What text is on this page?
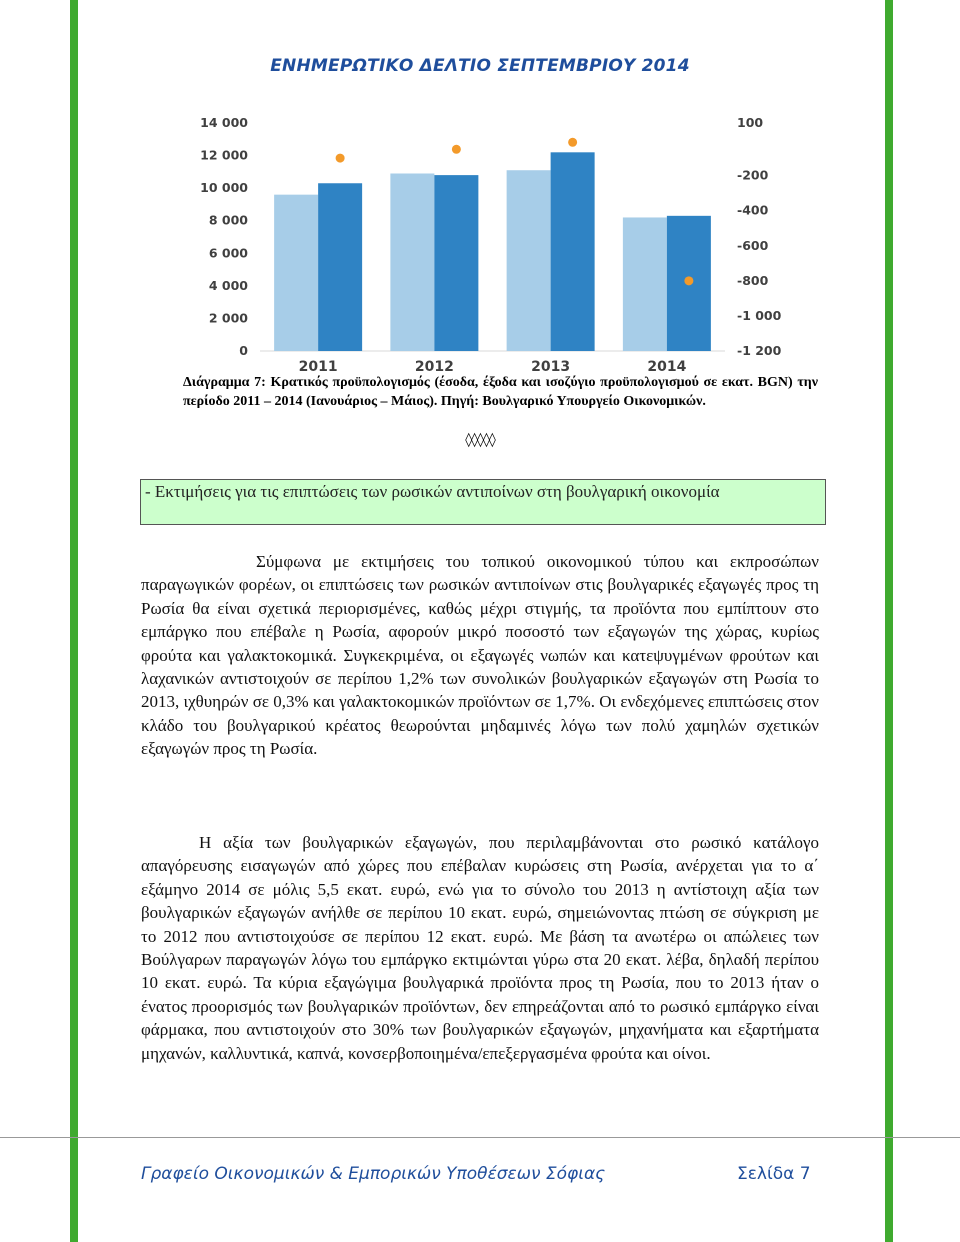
ΕΝΗΜΕΡΩΤΙΚΟ ΔΕΛΤΙΟ ΣΕΠΤΕΜΒΡΙΟΥ 2014
14 000
12 000
10 000
8 000
6 000
4 000
2 000
0
100
-200
-400
-600
-800
-1 000
-1 200
2011	2012	2013	2014
Διάγραμμα 7: Κρατικός προϋπολογισμός (έσοδα, έξοδα και ισοζύγιο προϋπολογισμού σε εκατ. BGN) την περίοδο 2011 – 2014 (Ιανουάριος – Μάιος). Πηγή: Βουλγαρικό Υπουργείο Οικονομικών.
◊◊◊◊◊
- Εκτιμήσεις για τις επιπτώσεις των ρωσικών αντιποίνων στη βουλγαρική οικονομία

Σύμφωνα με εκτιμήσεις του τοπικού οικονομικού τύπου και εκπροσώπων παραγωγικών φορέων, οι επιπτώσεις των ρωσικών αντιποίνων στις βουλγαρικές εξαγωγές προς τη Ρωσία θα είναι σχετικά περιορισμένες, καθώς μέχρι στιγμής, τα προϊόντα που εμπίπτουν στο εμπάργκο που επέβαλε η Ρωσία, αφορούν μικρό ποσοστό των εξαγωγών της χώρας, κυρίως φρούτα και γαλακτοκομικά. Συγκεκριμένα, οι εξαγωγές νωπών και κατεψυγμένων φρούτων και λαχανικών αντιστοιχούν σε περίπου 1,2% των συνολικών βουλγαρικών εξαγωγών στη Ρωσία το 2013, ιχθυηρών σε 0,3% και γαλακτοκομικών προϊόντων σε 1,7%. Οι ενδεχόμενες επιπτώσεις στον κλάδο του βουλγαρικού κρέατος θεωρούνται μηδαμινές λόγω των πολύ χαμηλών σχετικών εξαγωγών προς τη Ρωσία.

Η αξία των βουλγαρικών εξαγωγών, που περιλαμβάνονται στο ρωσικό κατάλογο απαγόρευσης εισαγωγών από χώρες που επέβαλαν κυρώσεις στη Ρωσία, ανέρχεται για το α΄ εξάμηνο 2014 σε μόλις 5,5 εκατ. ευρώ, ενώ για το σύνολο του 2013 η αντίστοιχη αξία των βουλγαρικών εξαγωγών ανήλθε σε περίπου 10 εκατ. ευρώ, σημειώνοντας πτώση σε σύγκριση με το 2012 που αντιστοιχούσε σε περίπου 12 εκατ. ευρώ. Με βάση τα ανωτέρω οι απώλειες των Βούλγαρων παραγωγών λόγω του εμπάργκο εκτιμώνται γύρω στα 20 εκατ. λέβα, δηλαδή περίπου 10 εκατ. ευρώ. Τα κύρια εξαγώγιμα βουλγαρικά προϊόντα προς τη Ρωσία, που το 2013 ήταν ο ένατος προορισμός των βουλγαρικών προϊόντων, δεν επηρεάζονται από το ρωσικό εμπάργκο είναι φάρμακα, που αντιστοιχούν στο 30% των βουλγαρικών εξαγωγών, μηχανήματα και εξαρτήματα μηχανών, καλλυντικά, καπνά, κονσερβοποιημένα/επεξεργασμένα φρούτα και οίνοι.

Γραφείο Οικονομικών & Εμπορικών Υποθέσεων Σόφιας	Σελίδα 7
